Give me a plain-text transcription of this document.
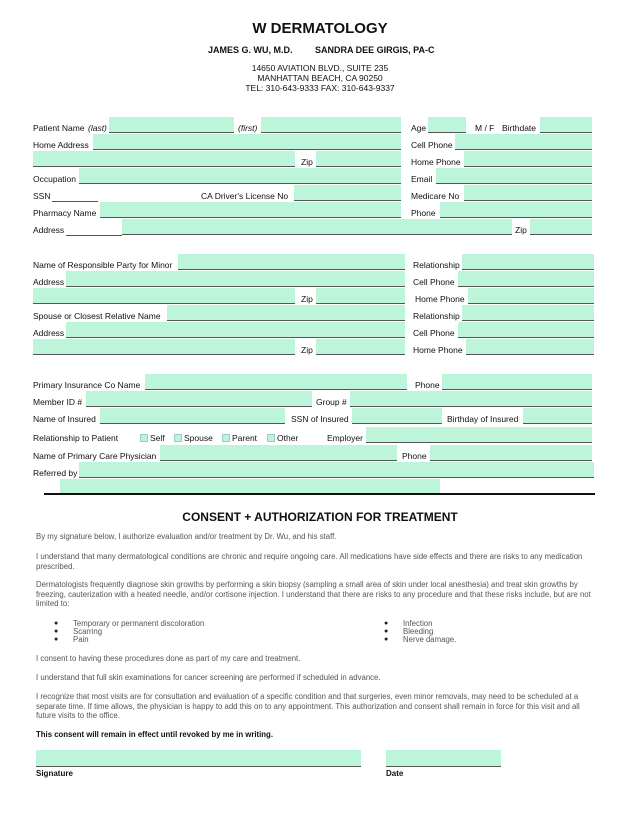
W DERMATOLOGY
JAMES G. WU, M.D. SANDRA DEE GIRGIS, PA-C
14650 AVIATION BLVD., SUITE 235
MANHATTAN BEACH, CA 90250
TEL: 310-643-9333 FAX: 310-643-9337
Patient Name (last)	(first)	Age	M / F Birthdate
Home Address	Cell Phone
Zip	Home Phone
Occupation	Email
SSN	CA Driver's License No	Medicare No
Pharmacy Name	Phone
Address	Zip
Name of Responsible Party for Minor	Relationship
Address	Cell Phone
Zip	Home Phone
Spouse or Closest Relative Name	Relationship
Address	Cell Phone
Zip	Home Phone
Primary Insurance Co Name	Phone
Member ID #	Group #
Name of Insured	SSN of Insured	Birthday of Insured
Relationship to Patient	Self Spouse Parent Other	Employer
Name of Primary Care Physician	Phone
Referred by
CONSENT + AUTHORIZATION FOR TREATMENT
By my signature below, I authorize evaluation and/or treatment by Dr. Wu, and his staff.
I understand that many dermatological conditions are chronic and require ongoing care. All medications have side effects and there are risks to any medication prescribed.
Dermatologists frequently diagnose skin growths by performing a skin biopsy (sampling a small area of skin under local anesthesia) and treat skin growths by freezing, cauterization with a heated needle, and/or cortisone injection. I understand that there are risks to any procedure and that these risks include, but are not limited to:
● Temporary or permanent discoloration
● Scarring
● Pain
● Infection
● Bleeding
● Nerve damage.
I consent to having these procedures done as part of my care and treatment.
I understand that full skin examinations for cancer screening are performed if scheduled in advance.
I recognize that most visits are for consultation and evaluation of a specific condition and that surgeries, even minor removals, may need to be scheduled at a separate time. If time allows, the physician is happy to add this on to any appointment. This authorization and consent shall remain in force for this visit and all future visits to the office.
This consent will remain in effect until revoked by me in writing.
Signature	Date
